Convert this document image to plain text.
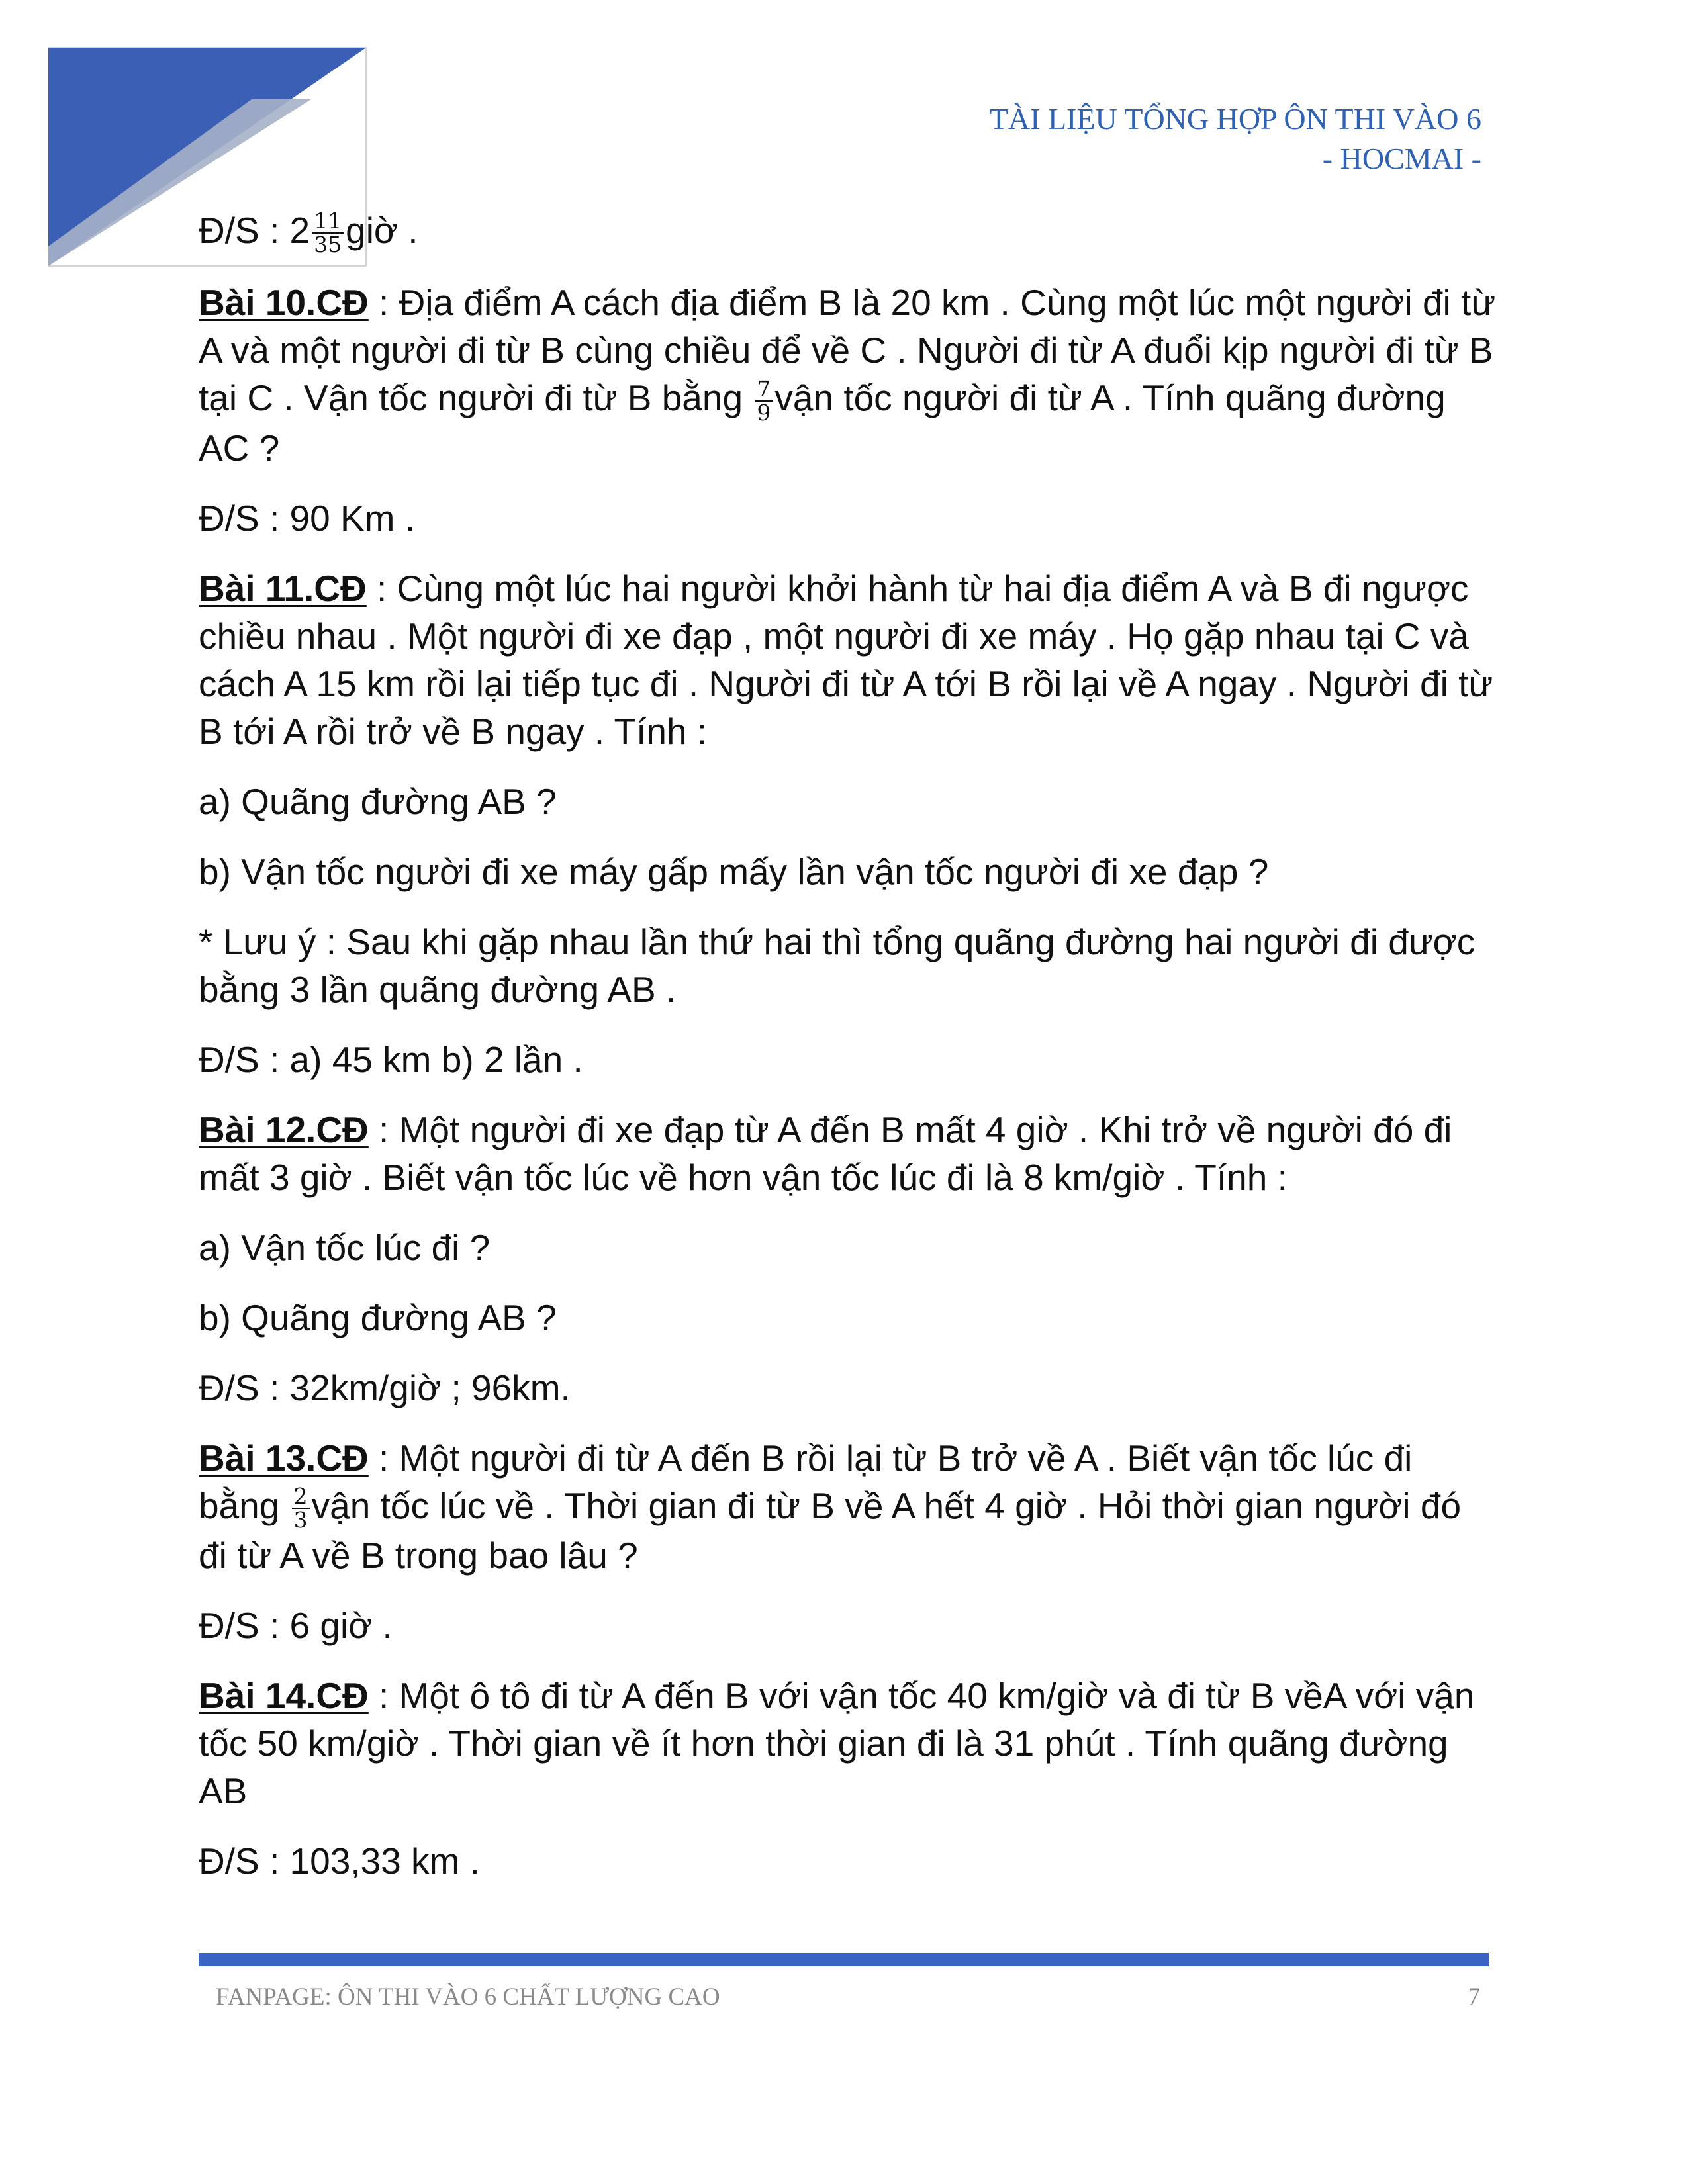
TÀI LIỆU TỔNG HỢP ÔN THI VÀO 6
- HOCMAI -

Đ/S : $2 \frac{11}{35}$ giờ .

Bài 10.CĐ : Địa điểm A cách địa điểm B là 20 km . Cùng một lúc một người đi từ A và một người đi từ B cùng chiều để về C . Người đi từ A đuổi kịp người đi từ B tại C . Vận tốc người đi từ B bằng $\frac{7}{9}$ vận tốc người đi từ A . Tính quãng đường AC ?

Đ/S : 90 Km .

Bài 11.CĐ : Cùng một lúc hai người khởi hành từ hai địa điểm A và B đi ngược chiều nhau . Một người đi xe đạp , một người đi xe máy . Họ gặp nhau tại C và cách A 15 km rồi lại tiếp tục đi . Người đi từ A tới B rồi lại về A ngay . Người đi từ B tới A rồi trở về B ngay . Tính :

a) Quãng đường AB ?

b) Vận tốc người đi xe máy gấp mấy lần vận tốc người đi xe đạp ?

* Lưu ý : Sau khi gặp nhau lần thứ hai thì tổng quãng đường hai người đi được bằng 3 lần quãng đường AB .

Đ/S : a) 45 km b) 2 lần .

Bài 12.CĐ : Một người đi xe đạp từ A đến B mất 4 giờ . Khi trở về người đó đi mất 3 giờ . Biết vận tốc lúc về hơn vận tốc lúc đi là 8 km/giờ . Tính :

a) Vận tốc lúc đi ?

b) Quãng đường AB ?

Đ/S : 32km/giờ ; 96km.

Bài 13.CĐ : Một người đi từ A đến B rồi lại từ B trở về A . Biết vận tốc lúc đi bằng $\frac{2}{3}$ vận tốc lúc về . Thời gian đi từ B về A hết 4 giờ . Hỏi thời gian người đó đi từ A về B trong bao lâu ?

Đ/S : 6 giờ .

Bài 14.CĐ : Một ô tô đi từ A đến B với vận tốc 40 km/giờ và đi từ B vềA với vận tốc 50 km/giờ . Thời gian về ít hơn thời gian đi là 31 phút . Tính quãng đường AB

Đ/S : 103,33 km .

FANPAGE: ÔN THI VÀO 6 CHẤT LƯỢNG CAO	7
